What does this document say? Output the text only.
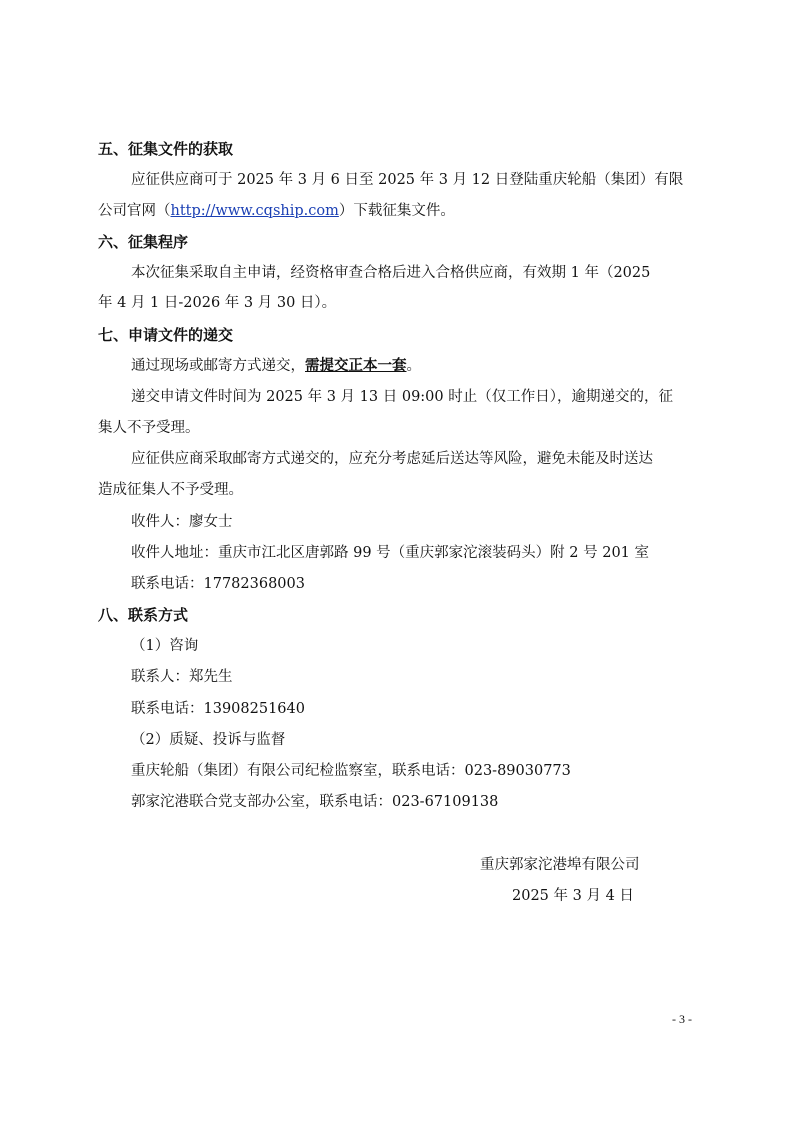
五、征集文件的获取
应征供应商可于 2025 年 3 月 6 日至 2025 年 3 月 12 日登陆重庆轮船（集团）有限
公司官网（http://www.cqship.com）下载征集文件。
六、征集程序
本次征集采取自主申请，经资格审查合格后进入合格供应商，有效期 1 年（2025
年 4 月 1 日-2026 年 3 月 30 日）。
七、申请文件的递交
通过现场或邮寄方式递交，需提交正本一套。
递交申请文件时间为 2025 年 3 月 13 日 09:00 时止（仅工作日），逾期递交的，征
集人不予受理。
应征供应商采取邮寄方式递交的，应充分考虑延后送达等风险，避免未能及时送达
造成征集人不予受理。
收件人：廖女士
收件人地址：重庆市江北区唐郭路 99 号（重庆郭家沱滚装码头）附 2 号 201 室
联系电话：17782368003
八、联系方式
（1）咨询
联系人：郑先生
联系电话：13908251640
（2）质疑、投诉与监督
重庆轮船（集团）有限公司纪检监察室，联系电话：023-89030773
郭家沱港联合党支部办公室，联系电话：023-67109138
重庆郭家沱港埠有限公司
2025 年 3 月 4 日
- 3 -
